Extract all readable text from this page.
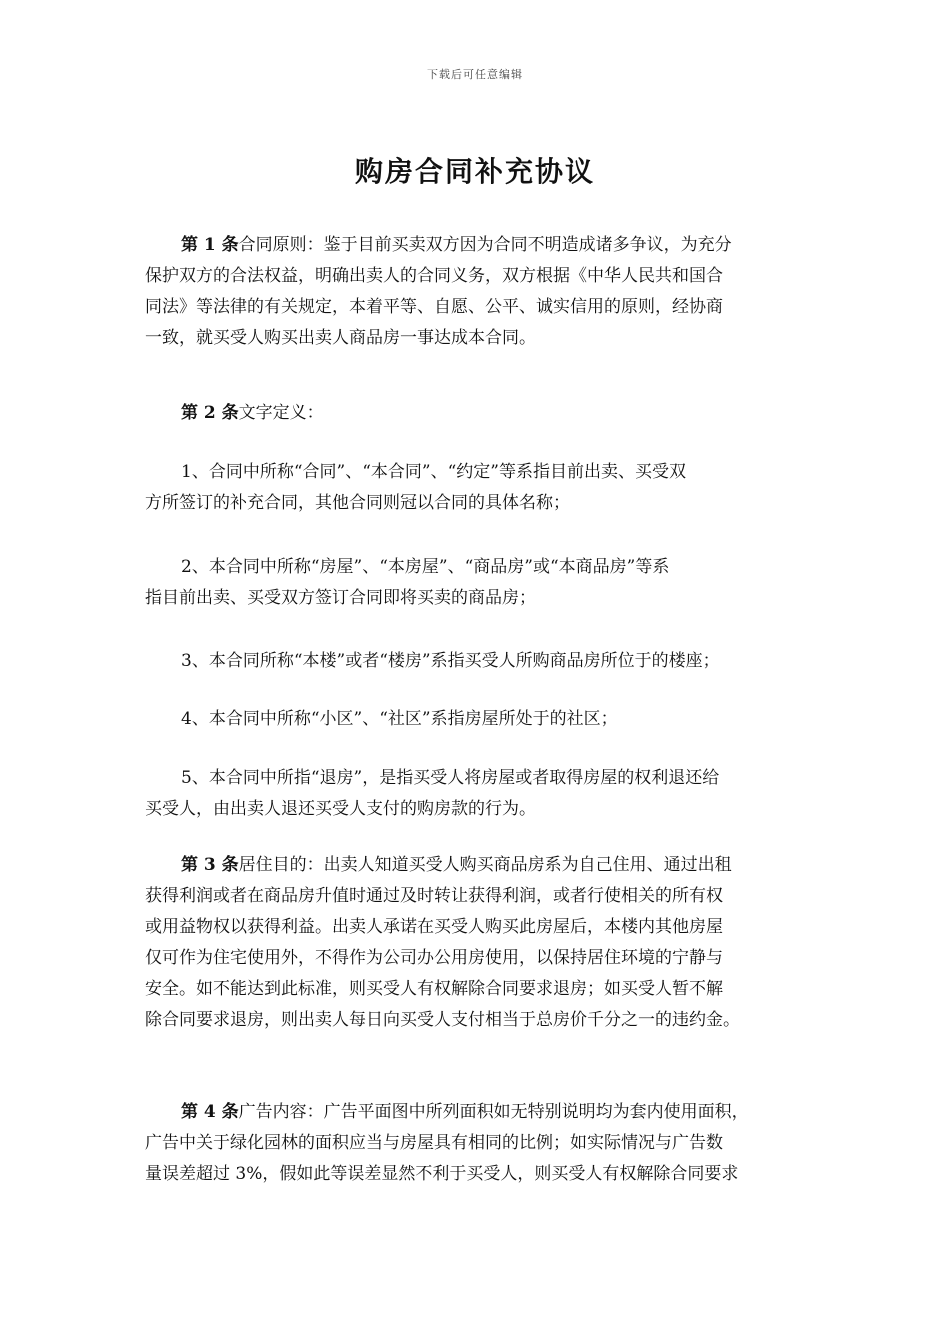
下载后可任意编辑
购房合同补充协议
第 1 条合同原则：鉴于目前买卖双方因为合同不明造成诸多争议，为充分
保护双方的合法权益，明确出卖人的合同义务，双方根据《中华人民共和国合
同法》等法律的有关规定，本着平等、自愿、公平、诚实信用的原则，经协商
一致，就买受人购买出卖人商品房一事达成本合同。
第 2 条文字定义：
1、合同中所称“合同”、“本合同”、“约定”等系指目前出卖、买受双
方所签订的补充合同，其他合同则冠以合同的具体名称；
2、本合同中所称“房屋”、“本房屋”、“商品房”或“本商品房”等系
指目前出卖、买受双方签订合同即将买卖的商品房；
3、本合同所称“本楼”或者“楼房”系指买受人所购商品房所位于的楼座；
4、本合同中所称“小区”、“社区”系指房屋所处于的社区；
5、本合同中所指“退房”，是指买受人将房屋或者取得房屋的权利退还给
买受人，由出卖人退还买受人支付的购房款的行为。
第 3 条居住目的：出卖人知道买受人购买商品房系为自己住用、通过出租
获得利润或者在商品房升值时通过及时转让获得利润，或者行使相关的所有权
或用益物权以获得利益。出卖人承诺在买受人购买此房屋后，本楼内其他房屋
仅可作为住宅使用外，不得作为公司办公用房使用，以保持居住环境的宁静与
安全。如不能达到此标准，则买受人有权解除合同要求退房；如买受人暂不解
除合同要求退房，则出卖人每日向买受人支付相当于总房价千分之一的违约金。
第 4 条广告内容：广告平面图中所列面积如无特别说明均为套内使用面积，
广告中关于绿化园林的面积应当与房屋具有相同的比例；如实际情况与广告数
量误差超过 3%，假如此等误差显然不利于买受人，则买受人有权解除合同要求
